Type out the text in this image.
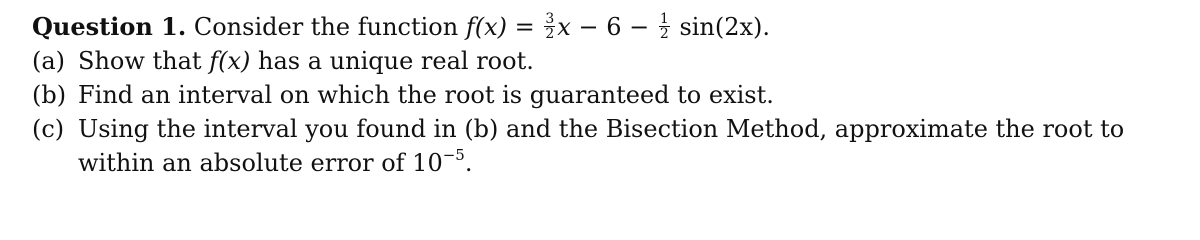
Question 1. Consider the function $f(x) = \frac{3}{2}$ $x - 6 - \frac{1}{2} \sin(2x)$.
(a) Show that f(x) has a unique real root.
(b) Find an interval on which the root is guaranteed to exist.
(c) Using the interval you found in (b) and the Bisection Method, approximate the root to
within an absolute error of $10^{-5}$.
